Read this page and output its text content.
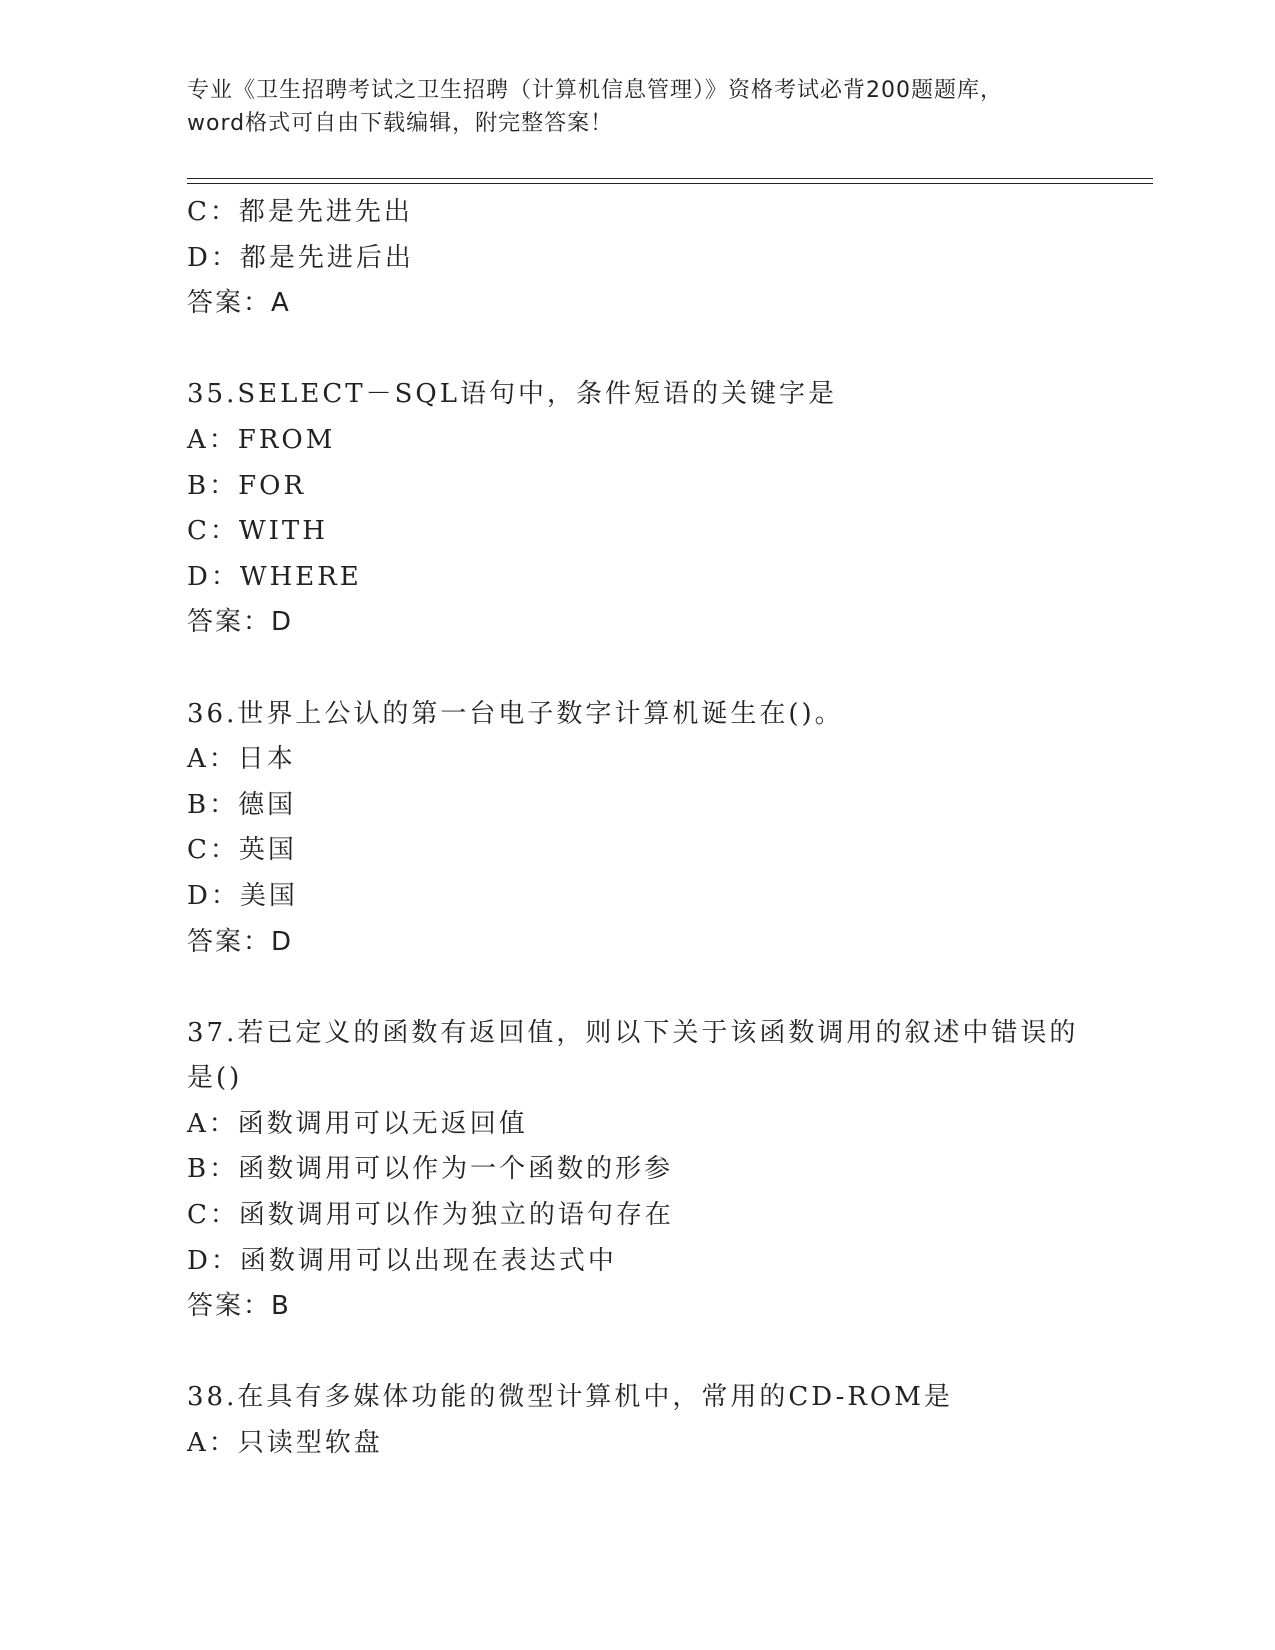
专业《卫生招聘考试之卫生招聘（计算机信息管理）》资格考试必背200题题库，
word格式可自由下载编辑，附完整答案！
C：都是先进先出
D：都是先进后出
答案：A
35.SELECT－SQL语句中，条件短语的关键字是
A：FROM
B：FOR
C：WITH
D：WHERE
答案：D
36.世界上公认的第一台电子数字计算机诞生在()。
A：日本
B：德国
C：英国
D：美国
答案：D
37.若已定义的函数有返回值，则以下关于该函数调用的叙述中错误的
是()
A：函数调用可以无返回值
B：函数调用可以作为一个函数的形参
C：函数调用可以作为独立的语句存在
D：函数调用可以出现在表达式中
答案：B
38.在具有多媒体功能的微型计算机中，常用的CD-ROM是
A：只读型软盘
